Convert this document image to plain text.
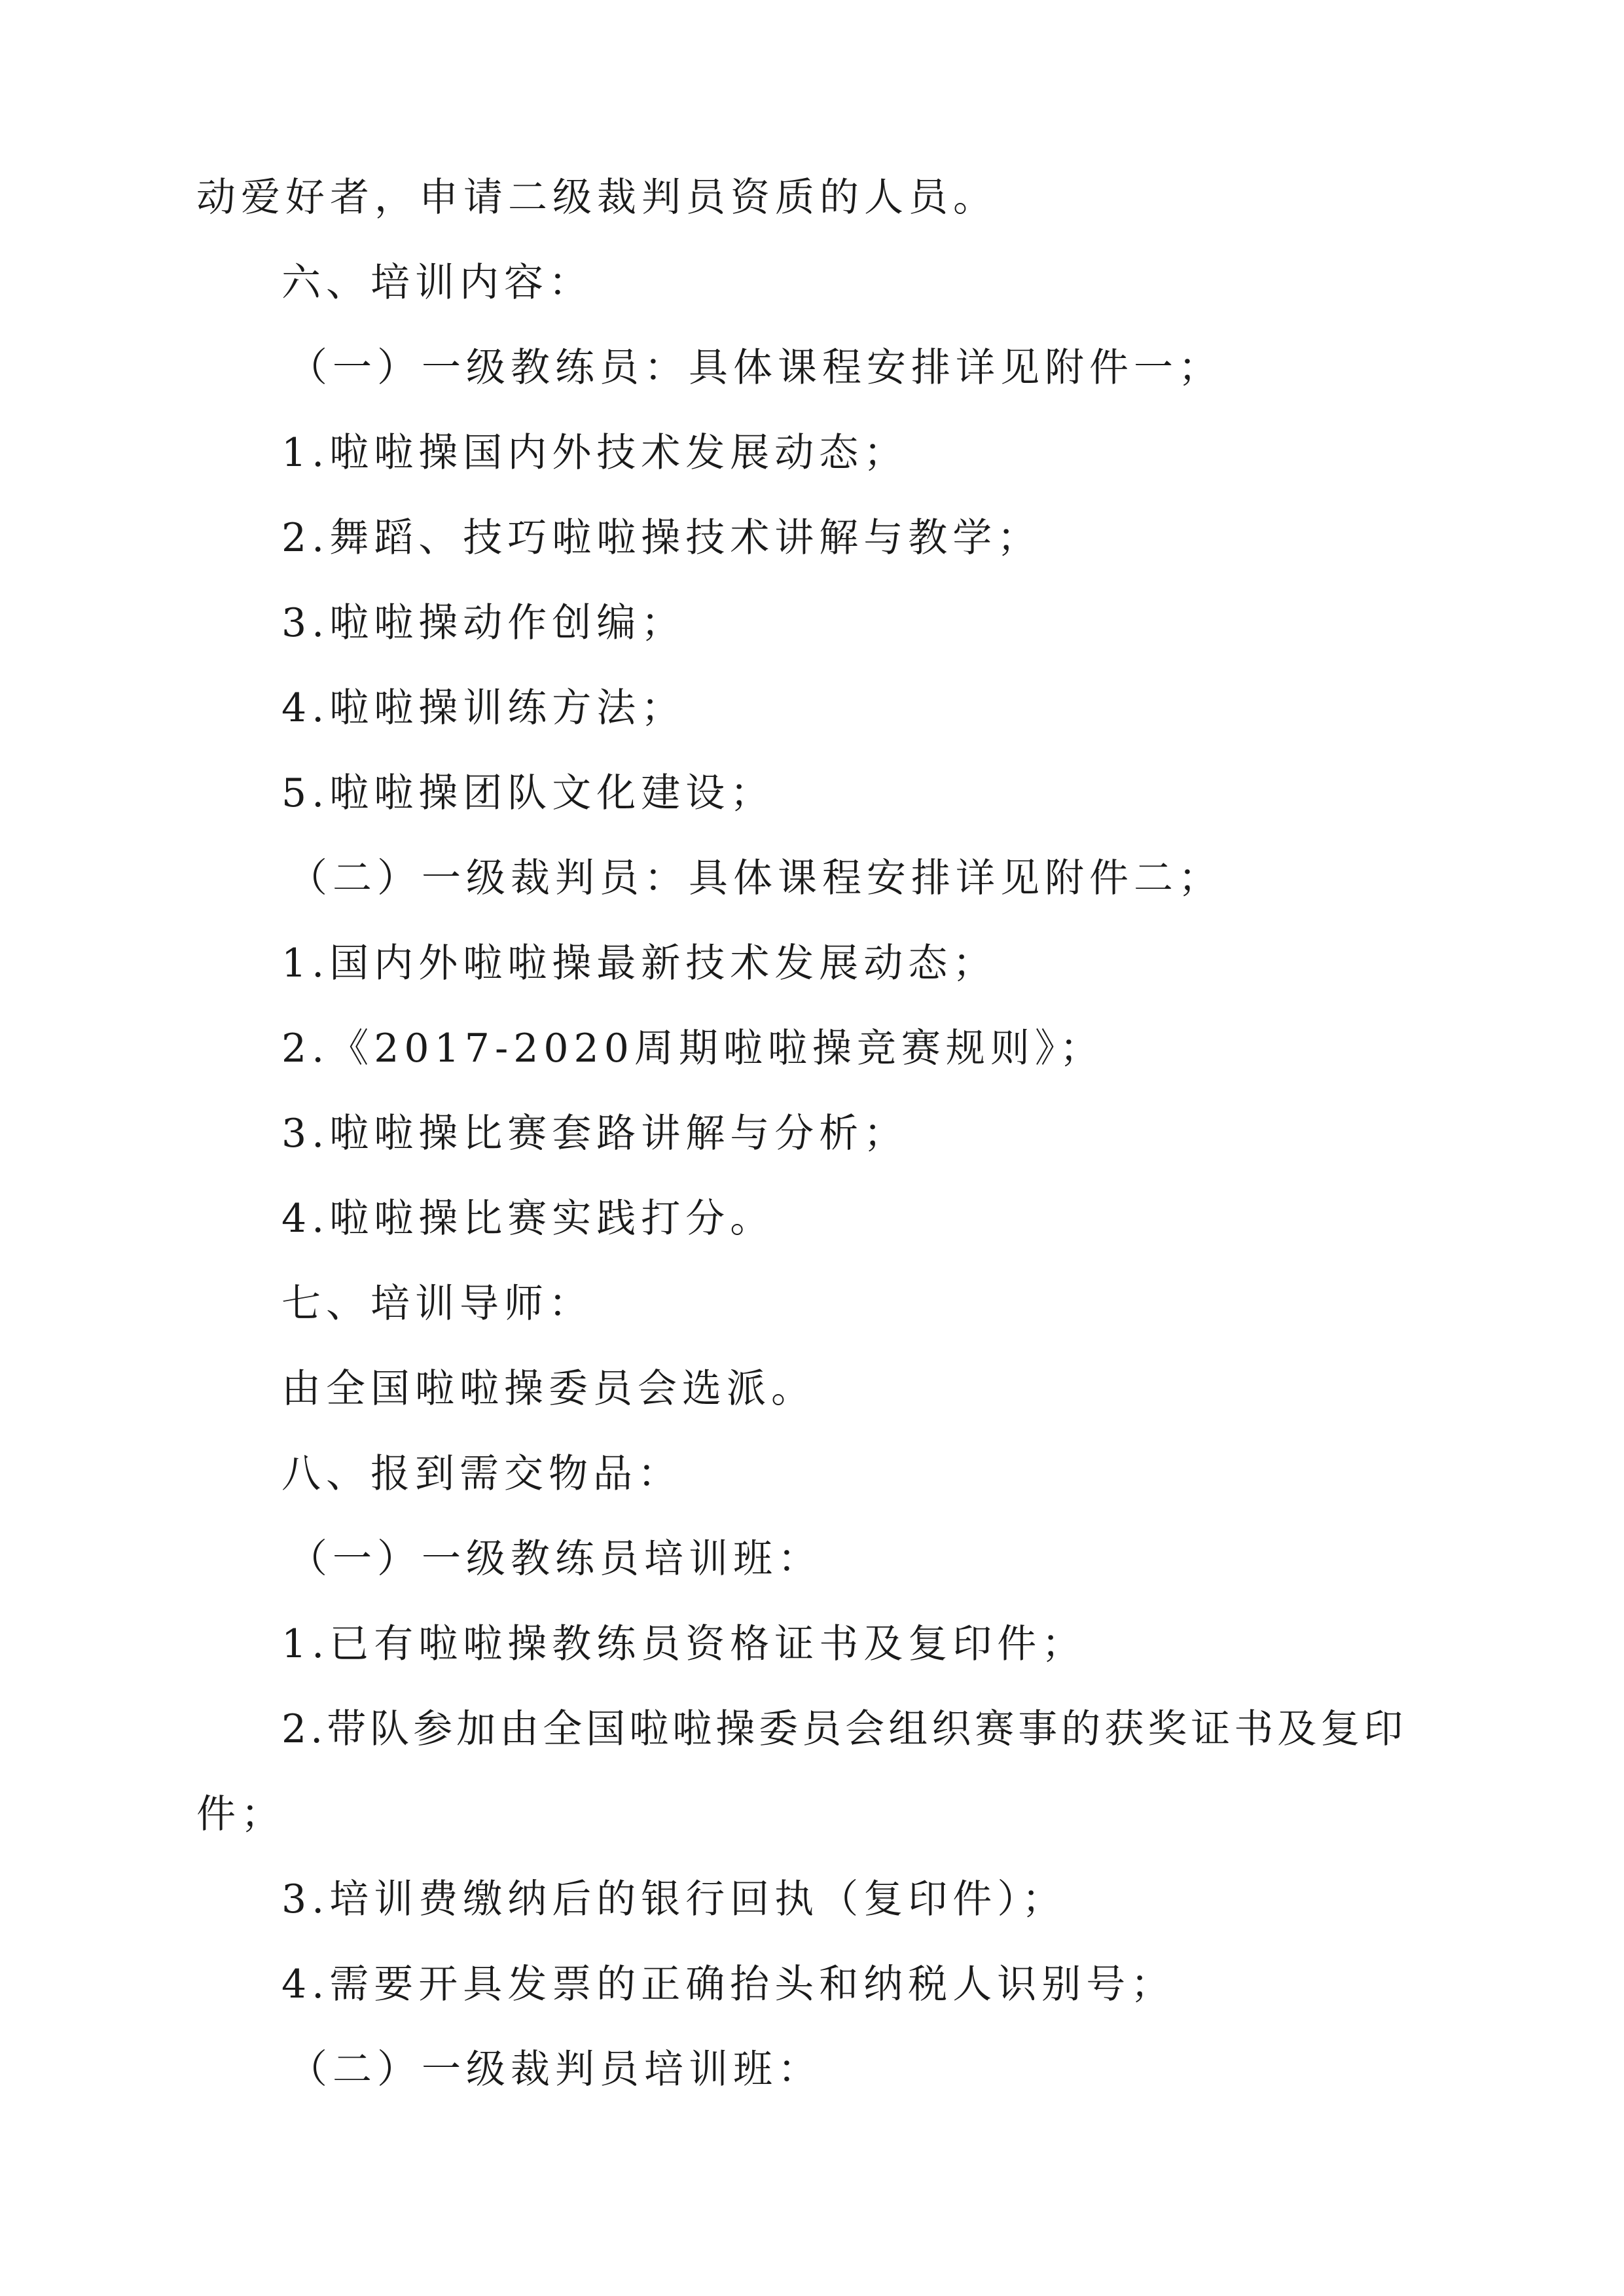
动爱好者，申请二级裁判员资质的人员。
六、培训内容：
（一）一级教练员：具体课程安排详见附件一；
1.啦啦操国内外技术发展动态；
2.舞蹈、技巧啦啦操技术讲解与教学；
3.啦啦操动作创编；
4.啦啦操训练方法；
5.啦啦操团队文化建设；
（二）一级裁判员：具体课程安排详见附件二；
1.国内外啦啦操最新技术发展动态；
2.《2017-2020周期啦啦操竞赛规则》；
3.啦啦操比赛套路讲解与分析；
4.啦啦操比赛实践打分。
七、培训导师：
由全国啦啦操委员会选派。
八、报到需交物品：
（一）一级教练员培训班：
1.已有啦啦操教练员资格证书及复印件；
2.带队参加由全国啦啦操委员会组织赛事的获奖证书及复印
件；
3.培训费缴纳后的银行回执（复印件）；
4.需要开具发票的正确抬头和纳税人识别号；
（二）一级裁判员培训班：
